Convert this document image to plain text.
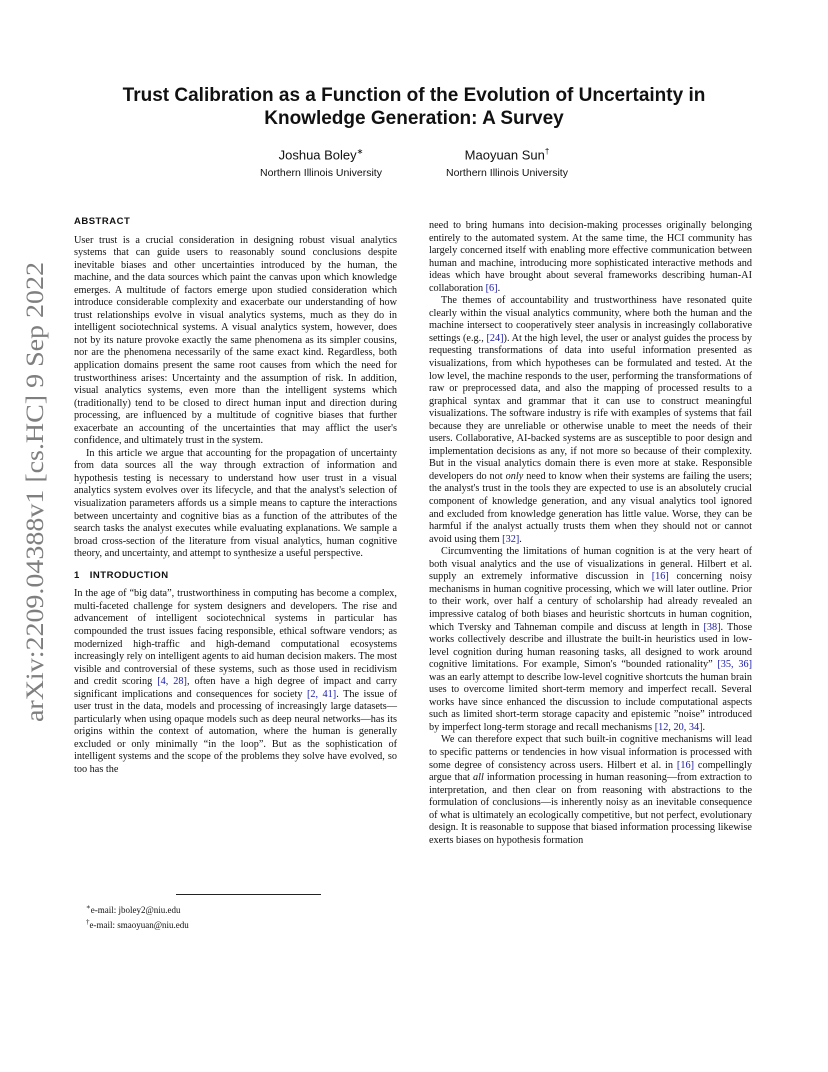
arXiv:2209.04388v1 [cs.HC] 9 Sep 2022
Trust Calibration as a Function of the Evolution of Uncertainty in
Knowledge Generation: A Survey
Joshua Boley∗
Northern Illinois University
Maoyuan Sun†
Northern Illinois University
ABSTRACT

User trust is a crucial consideration in designing robust visual analytics systems that can guide users to reasonably sound conclusions despite inevitable biases and other uncertainties introduced by the human, the machine, and the data sources which paint the canvas upon which knowledge emerges. A multitude of factors emerge upon studied consideration which introduce considerable complexity and exacerbate our understanding of how trust relationships evolve in visual analytics systems, much as they do in intelligent sociotechnical systems. A visual analytics system, however, does not by its nature provoke exactly the same phenomena as its simpler cousins, nor are the phenomena necessarily of the same exact kind. Regardless, both application domains present the same root causes from which the need for trustworthiness arises: Uncertainty and the assumption of risk. In addition, visual analytics systems, even more than the intelligent systems which (traditionally) tend to be closed to direct human input and direction during processing, are influenced by a multitude of cognitive biases that further exacerbate an accounting of the uncertainties that may afflict the user's confidence, and ultimately trust in the system.

In this article we argue that accounting for the propagation of uncertainty from data sources all the way through extraction of information and hypothesis testing is necessary to understand how user trust in a visual analytics system evolves over its lifecycle, and that the analyst's selection of visualization parameters affords us a simple means to capture the interactions between uncertainty and cognitive bias as a function of the attributes of the search tasks the analyst executes while evaluating explanations. We sample a broad cross-section of the literature from visual analytics, human cognitive theory, and uncertainty, and attempt to synthesize a useful perspective.

1 INTRODUCTION

In the age of “big data”, trustworthiness in computing has become a complex, multi-faceted challenge for system designers and developers. The rise and advancement of intelligent sociotechnical systems in particular has compounded the trust issues facing responsible, ethical software vendors; as modernized high-traffic and high-demand computational ecosystems increasingly rely on intelligent agents to aid human decision makers. The most visible and controversial of these systems, such as those used in recidivism and credit scoring [4, 28], often have a high degree of impact and carry significant implications and consequences for society [2, 41]. The issue of user trust in the data, models and processing of increasingly large datasets—particularly when using opaque models such as deep neural networks—has its origins within the context of automation, where the human is generally excluded or only minimally “in the loop”. But as the sophistication of intelligent systems and the scope of the problems they solve have evolved, so too has the

need to bring humans into decision-making processes originally belonging entirely to the automated system. At the same time, the HCI community has largely concerned itself with enabling more effective communication between human and machine, introducing more sophisticated interactive methods and ideas which have brought about several frameworks describing human-AI collaboration [6].

The themes of accountability and trustworthiness have resonated quite clearly within the visual analytics community, where both the human and the machine intersect to cooperatively steer analysis in increasingly collaborative settings (e.g., [24]). At the high level, the user or analyst guides the process by requesting transformations of data into useful information presented as visualizations, from which hypotheses can be formulated and tested. At the low level, the machine responds to the user, performing the transformations of raw or preprocessed data, and also the mapping of processed results to a graphical syntax and grammar that it can use to construct meaningful visualizations. The software industry is rife with examples of systems that fail because they are unreliable or otherwise unable to meet the needs of their users. Collaborative, AI-backed systems are as susceptible to poor design and implementation decisions as any, if not more so because of their complexity. But in the visual analytics domain there is even more at stake. Responsible developers do not only need to know when their systems are failing the users; the analyst's trust in the tools they are expected to use is an absolutely crucial component of knowledge generation, and any visual analytics tool ignored and excluded from knowledge generation has little value. Worse, they can be harmful if the analyst actually trusts them when they should not or cannot avoid using them [32].

Circumventing the limitations of human cognition is at the very heart of both visual analytics and the use of visualizations in general. Hilbert et al. supply an extremely informative discussion in [16] concerning noisy mechanisms in human cognitive processing, which we will later outline. Prior to their work, over half a century of scholarship had already revealed an impressive catalog of both biases and heuristic shortcuts in human cognition, which Tversky and Tahneman compile and discuss at length in [38]. Those works collectively describe and illustrate the built-in heuristics used in low-level cognition during human reasoning tasks, all designed to work around cognitive limitations. For example, Simon's “bounded rationality” [35, 36] was an early attempt to describe low-level cognitive shortcuts the human brain uses to overcome limited short-term memory and imperfect recall. Several works have since enhanced the discussion to include computational aspects such as limited short-term storage capacity and epistemic ”noise” introduced by imperfect long-term storage and recall mechanisms [12, 20, 34].

We can therefore expect that such built-in cognitive mechanisms will lead to specific patterns or tendencies in how visual information is processed with some degree of consistency across users. Hilbert et al. in [16] compellingly argue that all information processing in human reasoning—from extraction to interpretation, and then clear on from reasoning with abstractions to the formulation of conclusions—is inherently noisy as an inevitable consequence of what is ultimately an ecologically competitive, but not perfect, evolutionary design. It is reasonable to suppose that biased information processing likewise exerts biases on hypothesis formation

∗e-mail: jboley2@niu.edu
†e-mail: smaoyuan@niu.edu
